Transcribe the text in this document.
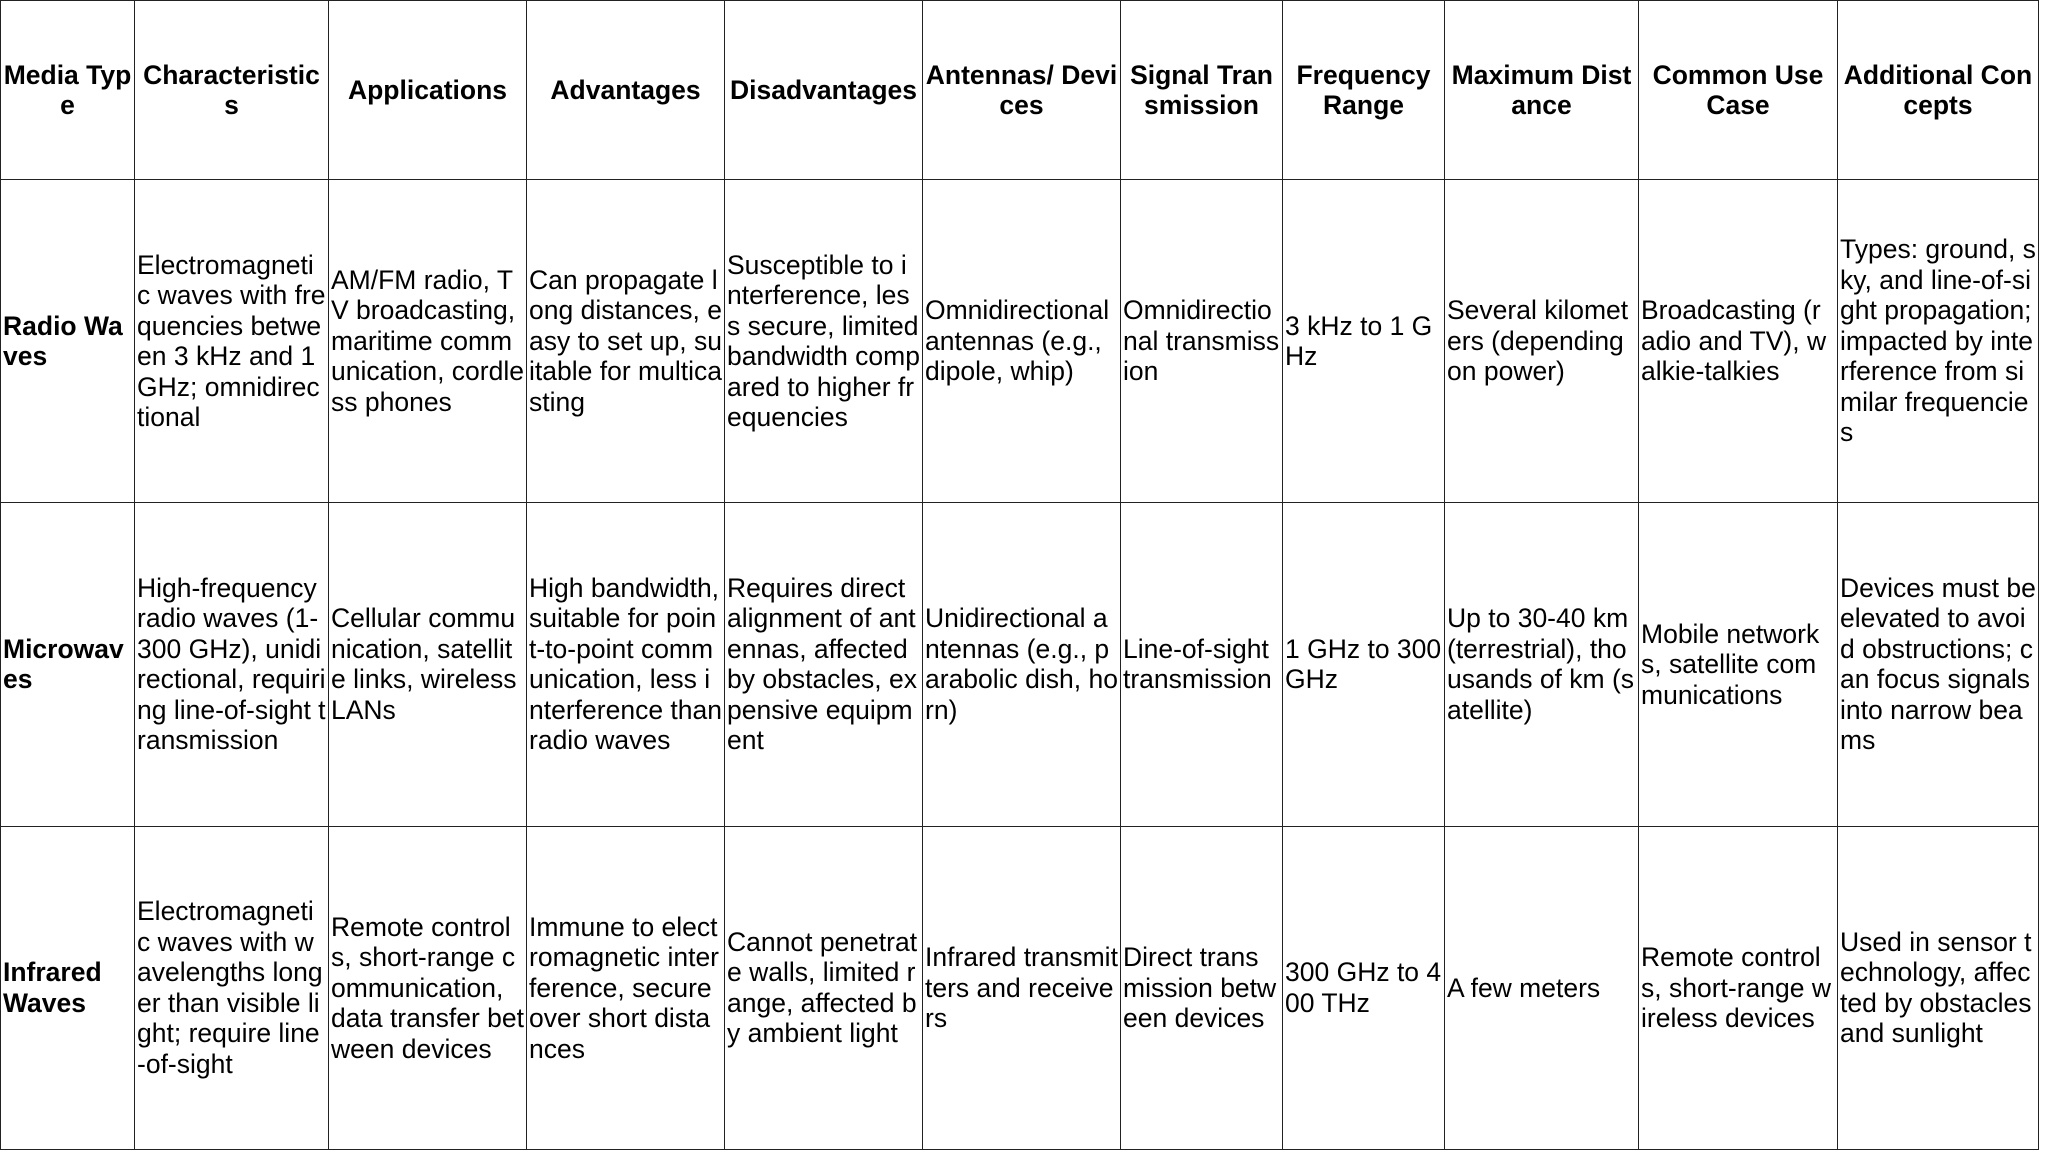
Media Type	Characteristics	Applications	Advantages	Disadvantages	Antennas/ Devices	Signal Transmission	Frequency Range	Maximum Distance	Common Use Case	Additional Concepts
Radio Waves	Electromagnetic waves with frequencies between 3 kHz and 1 GHz; omnidirectional	AM/FM radio, TV broadcasting, maritime communication, cordless phones	Can propagate long distances, easy to set up, suitable for multicasting	Susceptible to interference, less secure, limited bandwidth compared to higher frequencies	Omnidirectional antennas (e.g., dipole, whip)	Omnidirectional transmission	3 kHz to 1 GHz	Several kilometers (depending on power)	Broadcasting (radio and TV), walkie-talkies	Types: ground, sky, and line-of-sight propagation; impacted by interference from similar frequencies
Microwaves	High-frequency radio waves (1-300 GHz), unidirectional, requiring line-of-sight transmission	Cellular communication, satellite links, wireless LANs	High bandwidth, suitable for point-to-point communication, less interference than radio waves	Requires direct alignment of antennas, affected by obstacles, expensive equipment	Unidirectional antennas (e.g., parabolic dish, horn)	Line-of-sight transmission	1 GHz to 300 GHz	Up to 30-40 km (terrestrial), thousands of km (satellite)	Mobile networks, satellite communications	Devices must be elevated to avoid obstructions; can focus signals into narrow beams
Infrared Waves	Electromagnetic waves with wavelengths longer than visible light; require line-of-sight	Remote controls, short-range communication, data transfer between devices	Immune to electromagnetic interference, secure over short distances	Cannot penetrate walls, limited range, affected by ambient light	Infrared transmitters and receivers	Direct transmission between devices	300 GHz to 400 THz	A few meters	Remote controls, short-range wireless devices	Used in sensor technology, affected by obstacles and sunlight
